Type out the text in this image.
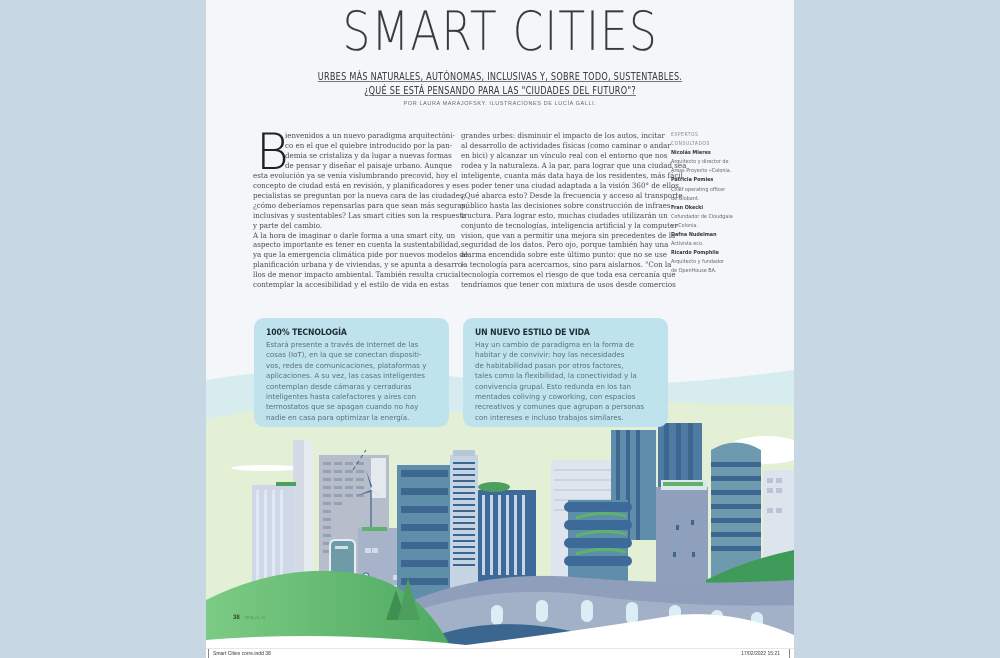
SMART CITIES
URBES MÁS NATURALES, AUTÓNOMAS, INCLUSIVAS Y, SOBRE TODO, SUSTENTABLES.
¿QUÉ SE ESTÁ PENSANDO PARA LAS "CIUDADES DEL FUTURO"?
POR LAURA MARAJOFSKY. ILUSTRACIONES DE LUCÍA GALLI.
B
ienvenidos a un nuevo paradigma arquitectóni-
co en el que el quiebre introducido por la pan-
demia se cristaliza y da lugar a nuevas formas
de pensar y diseñar el paisaje urbano. Aunque
esta evolución ya se venía vislumbrando precovid, hoy el
concepto de ciudad está en revisión, y planificadores y es-
pecialistas se preguntan por la nueva cara de las ciudades:
¿cómo deberíamos repensarlas para que sean más seguras,
inclusivas y sustentables? Las smart cities son la respuesta
y parte del cambio.
A la hora de imaginar o darle forma a una smart city, un
aspecto importante es tener en cuenta la sustentabilidad,
ya que la emergencia climática pide por nuevos modelos de
planificación urbana y de viviendas, y se apunta a desarro-
llos de menor impacto ambiental. También resulta crucial
contemplar la accesibilidad y el estilo de vida en estas
grandes urbes: disminuir el impacto de los autos, incitar
al desarrollo de actividades físicas (como caminar o andar
en bici) y alcanzar un vínculo real con el entorno que nos
rodea y la naturaleza. A la par, para lograr que una ciudad sea
inteligente, cuanta más data haya de los residentes, más fácil
es poder tener una ciudad adaptada a la visión 360° de ellos.
¿Qué abarca esto? Desde la frecuencia y acceso al transporte
público hasta las decisiones sobre construcción de infraes-
tructura. Para lograr esto, muchas ciudades utilizarán un
conjunto de tecnologías, inteligencia artificial y la computer
vision, que van a permitir una mejora sin precedentes de la
seguridad de los datos. Pero ojo, porque también hay una
alarma encendida sobre este último punto: que no se use
la tecnología para acercarnos, sino para aislarnos. "Con la
tecnología corremos el riesgo de que toda esa cercanía que
tendríamos que tener con mixtura de usos desde comercios
EXPERTOS
CONSULTADOS
Nicolás Mieres
Arquitecto y director de
Áreas Proyecto «Colonia.
Patricia Pomies
Chief operating officer
de Globant.
Fran Okecki
Cofundador de Cloudgaia
y «Colonia.
Dafna Nudelman
Activista eco.
Ricardo Pomphile
Arquitecto y fundador
de OpenHouse BA.
100% TECNOLOGÍA
Estará presente a través de Internet de las
cosas (IoT), en la que se conectan dispositi-
vos, redes de comunicaciones, plataformas y
aplicaciones. A su vez, las casas inteligentes
contemplan desde cámaras y cerraduras
inteligentes hasta calefactores y aires con
termostatos que se apagan cuando no hay
nadie en casa para optimizar la energía.
UN NUEVO ESTILO DE VIDA
Hay un cambio de paradigma en la forma de
habitar y de convivir: hoy las necesidades
de habitabilidad pasan por otros factores,
tales como la flexibilidad, la conectividad y la
convivencia grupal. Esto redunda en los tan
mentados coliving y coworking, con espacios
recreativos y comunes que agrupan a personas
con intereses e incluso trabajos similares.
38 · OHLALÁ!
Smart Cities corre.indd 38	17/02/2022 15:21
